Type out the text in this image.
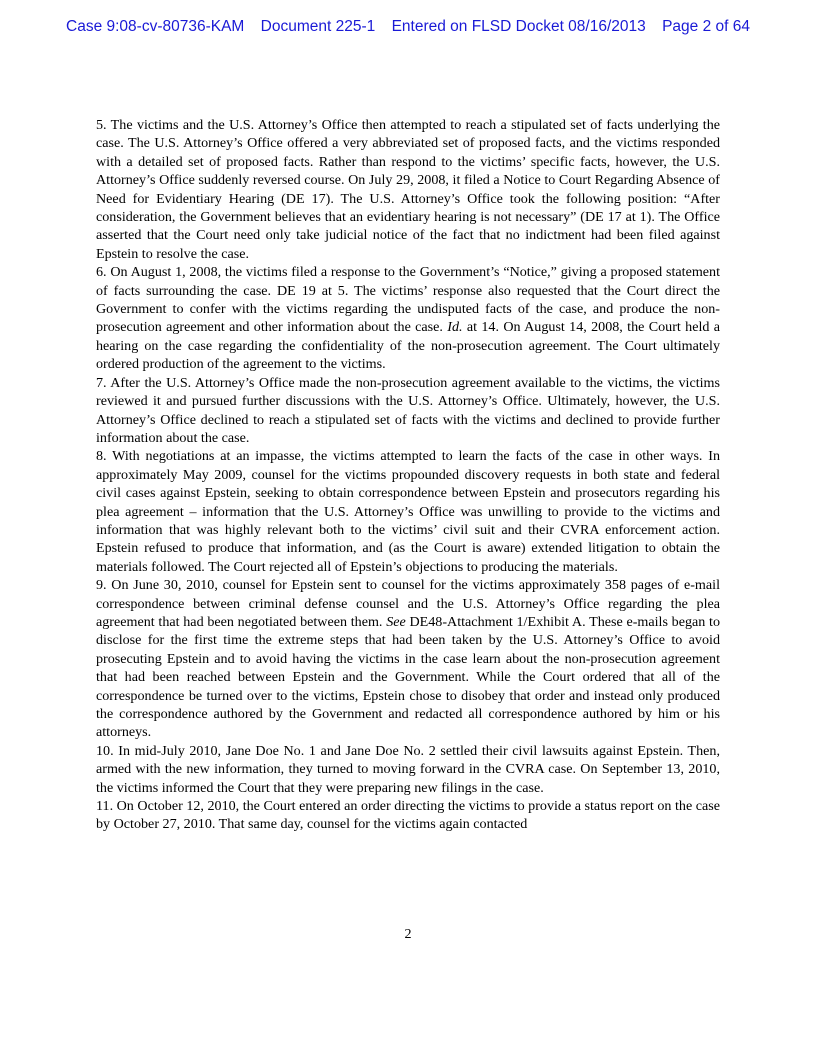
Case 9:08-cv-80736-KAM Document 225-1 Entered on FLSD Docket 08/16/2013 Page 2 of 64

5. The victims and the U.S. Attorney’s Office then attempted to reach a stipulated set of facts underlying the case. The U.S. Attorney’s Office offered a very abbreviated set of proposed facts, and the victims responded with a detailed set of proposed facts. Rather than respond to the victims’ specific facts, however, the U.S. Attorney’s Office suddenly reversed course. On July 29, 2008, it filed a Notice to Court Regarding Absence of Need for Evidentiary Hearing (DE 17). The U.S. Attorney’s Office took the following position: “After consideration, the Government believes that an evidentiary hearing is not necessary” (DE 17 at 1). The Office asserted that the Court need only take judicial notice of the fact that no indictment had been filed against Epstein to resolve the case.

6. On August 1, 2008, the victims filed a response to the Government’s “Notice,” giving a proposed statement of facts surrounding the case. DE 19 at 5. The victims’ response also requested that the Court direct the Government to confer with the victims regarding the undisputed facts of the case, and produce the non-prosecution agreement and other information about the case. Id. at 14. On August 14, 2008, the Court held a hearing on the case regarding the confidentiality of the non-prosecution agreement. The Court ultimately ordered production of the agreement to the victims.

7. After the U.S. Attorney’s Office made the non-prosecution agreement available to the victims, the victims reviewed it and pursued further discussions with the U.S. Attorney’s Office. Ultimately, however, the U.S. Attorney’s Office declined to reach a stipulated set of facts with the victims and declined to provide further information about the case.

8. With negotiations at an impasse, the victims attempted to learn the facts of the case in other ways. In approximately May 2009, counsel for the victims propounded discovery requests in both state and federal civil cases against Epstein, seeking to obtain correspondence between Epstein and prosecutors regarding his plea agreement – information that the U.S. Attorney’s Office was unwilling to provide to the victims and information that was highly relevant both to the victims’ civil suit and their CVRA enforcement action. Epstein refused to produce that information, and (as the Court is aware) extended litigation to obtain the materials followed. The Court rejected all of Epstein’s objections to producing the materials.

9. On June 30, 2010, counsel for Epstein sent to counsel for the victims approximately 358 pages of e-mail correspondence between criminal defense counsel and the U.S. Attorney’s Office regarding the plea agreement that had been negotiated between them. See DE48-Attachment 1/Exhibit A. These e-mails began to disclose for the first time the extreme steps that had been taken by the U.S. Attorney’s Office to avoid prosecuting Epstein and to avoid having the victims in the case learn about the non-prosecution agreement that had been reached between Epstein and the Government. While the Court ordered that all of the correspondence be turned over to the victims, Epstein chose to disobey that order and instead only produced the correspondence authored by the Government and redacted all correspondence authored by him or his attorneys.

10. In mid-July 2010, Jane Doe No. 1 and Jane Doe No. 2 settled their civil lawsuits against Epstein. Then, armed with the new information, they turned to moving forward in the CVRA case. On September 13, 2010, the victims informed the Court that they were preparing new filings in the case.

11. On October 12, 2010, the Court entered an order directing the victims to provide a status report on the case by October 27, 2010. That same day, counsel for the victims again contacted

2
